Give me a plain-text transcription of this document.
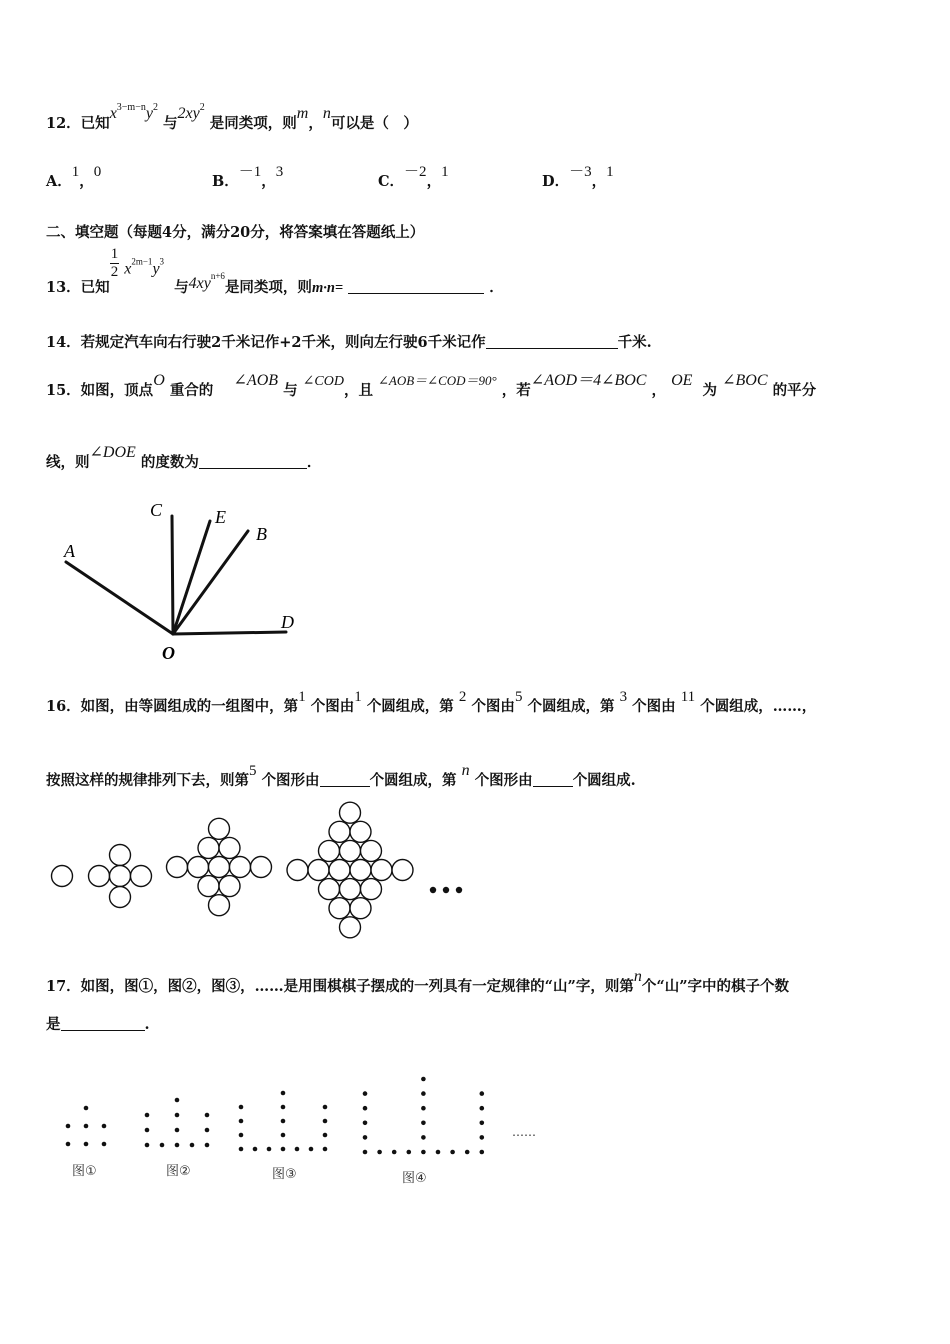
12．已知$x^{3-m-n}y^2$ 与$2xy^2$ 是同类项，则m，n可以是（　）
A．1，0
B．－1，3
C．－2，1
D．－3，1
二、填空题（每题4分，满分20分，将答案填在答题纸上）
13．已知
$\frac{1}{2} x^{2m-1}y^3$  与$4xy^{n+6}$是同类项，则m·n=	．
14．若规定汽车向右行驶2千米记作+2千米，则向左行驶6千米记作	千米.
15．如图，顶点O 重合的    ∠AOB 与 ∠COD，且 ∠AOB＝∠COD＝90° ，若∠AOD＝4∠BOC ， OE  为 ∠BOC 的平分
线，则∠DOE 的度数为	．
C	E
B
A
D
O
16．如图，由等圆组成的一组图中，第1 个图由1 个圆组成，第 2 个图由5 个圆组成，第 3 个图由 11 个圆组成，……，
按照这样的规律排列下去，则第5 个图形由	个圆组成，第 n 个图形由	个圆组成.
17．如图，图①，图②，图③，……是用围棋棋子摆成的一列具有一定规律的“山”字，则第n个“山”字中的棋子个数
是	.
图①	图②	图③	图④
……
